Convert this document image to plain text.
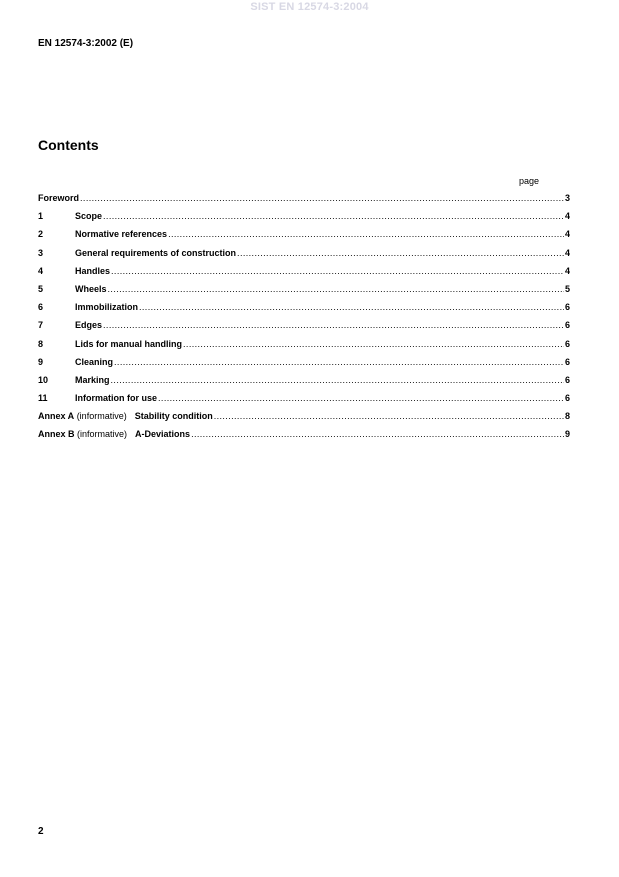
SIST EN 12574-3:2004
EN 12574-3:2002 (E)
Contents
page
Foreword .....	3
1	Scope .....	4
2	Normative references .....	4
3	General requirements of construction .....	4
4	Handles .....	4
5	Wheels .....	5
6	Immobilization .....	6
7	Edges .....	6
8	Lids for manual handling .....	6
9	Cleaning .....	6
10	Marking .....	6
11	Information for use .....	6
Annex A (informative) Stability condition .....	8
Annex B (informative) A-Deviations .....	9
2
